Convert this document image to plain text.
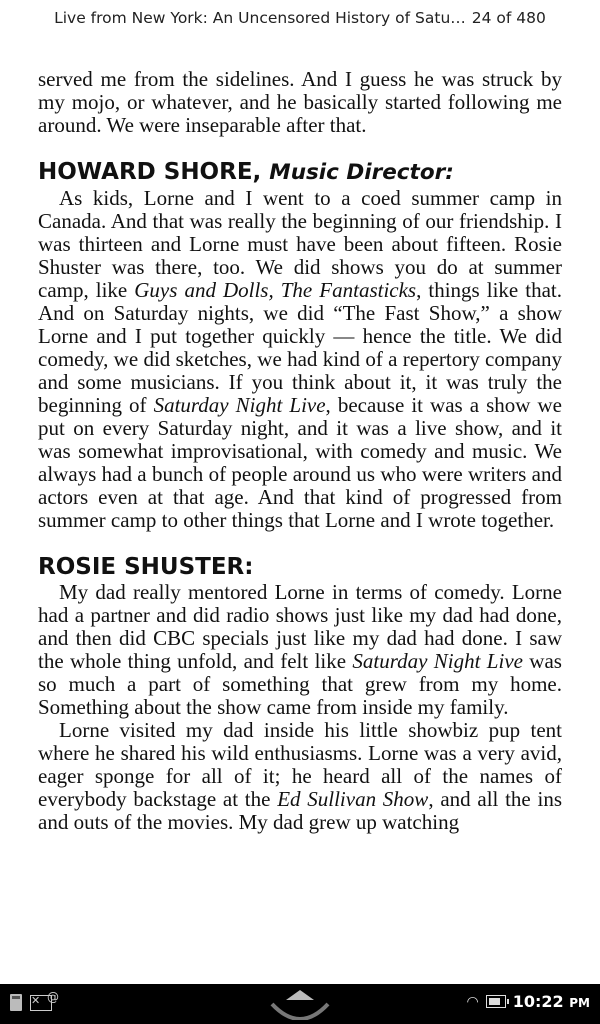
Live from New York: An Uncensored History of Satu… 24 of 480

served me from the sidelines. And I guess he was struck by my mojo, or whatever, and he basically started following me around. We were inseparable after that.

HOWARD SHORE, Music Director:

As kids, Lorne and I went to a coed summer camp in Canada. And that was really the beginning of our friendship. I was thirteen and Lorne must have been about fifteen. Rosie Shuster was there, too. We did shows you do at summer camp, like Guys and Dolls, The Fantasticks, things like that. And on Saturday nights, we did “The Fast Show,” a show Lorne and I put together quickly — hence the title. We did comedy, we did sketches, we had kind of a repertory company and some musicians. If you think about it, it was truly the beginning of Saturday Night Live, because it was a show we put on every Saturday night, and it was a live show, and it was somewhat improvisational, with comedy and music. We always had a bunch of people around us who were writers and actors even at that age. And that kind of progressed from summer camp to other things that Lorne and I wrote together.

ROSIE SHUSTER:

My dad really mentored Lorne in terms of comedy. Lorne had a partner and did radio shows just like my dad had done, and then did CBC specials just like my dad had done. I saw the whole thing unfold, and felt like Saturday Night Live was so much a part of something that grew from my home. Something about the show came from inside my family.

Lorne visited my dad inside his little showbiz pup tent where he shared his wild enthusiasms. Lorne was a very avid, eager sponge for all of it; he heard all of the names of everybody backstage at the Ed Sullivan Show, and all the ins and outs of the movies. My dad grew up watching

✕ @	◠ 10:22 PM
